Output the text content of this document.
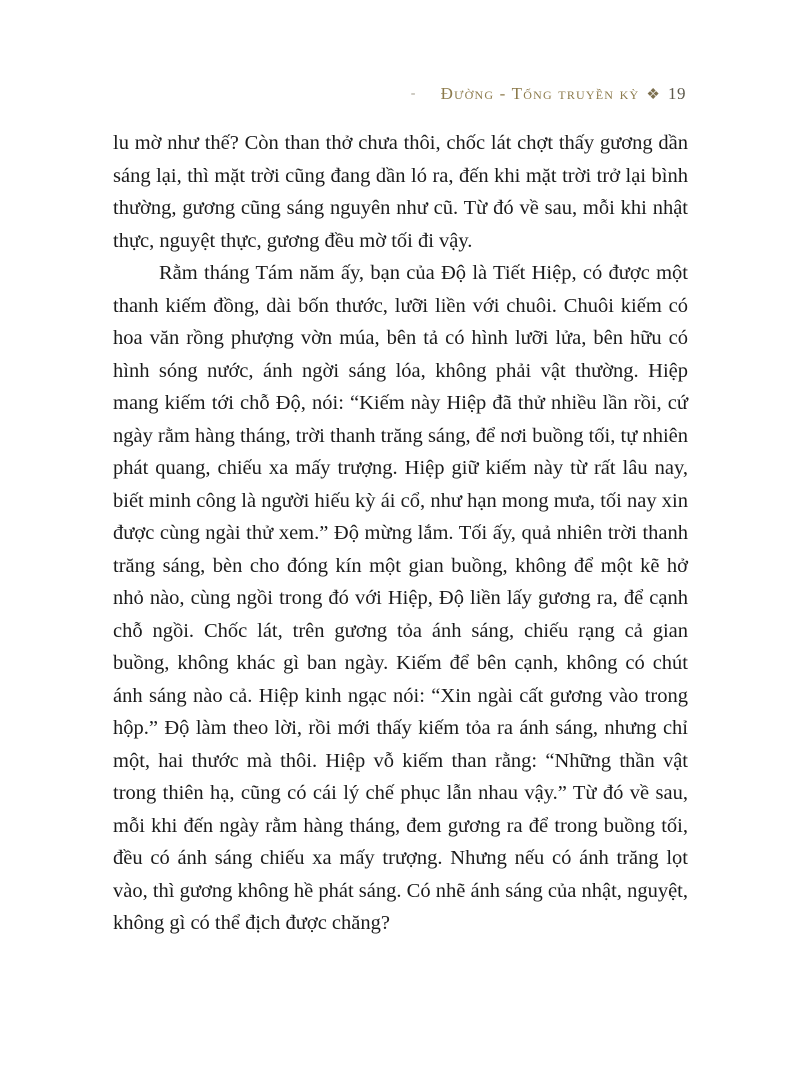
- Đường - Tống truyền kỳ ❖ 19

lu mờ như thế? Còn than thở chưa thôi, chốc lát chợt thấy gương dần sáng lại, thì mặt trời cũng đang dần ló ra, đến khi mặt trời trở lại bình thường, gương cũng sáng nguyên như cũ. Từ đó về sau, mỗi khi nhật thực, nguyệt thực, gương đều mờ tối đi vậy.

Rằm tháng Tám năm ấy, bạn của Độ là Tiết Hiệp, có được một thanh kiếm đồng, dài bốn thước, lưỡi liền với chuôi. Chuôi kiếm có hoa văn rồng phượng vờn múa, bên tả có hình lưỡi lửa, bên hữu có hình sóng nước, ánh ngời sáng lóa, không phải vật thường. Hiệp mang kiếm tới chỗ Độ, nói: “Kiếm này Hiệp đã thử nhiều lần rồi, cứ ngày rằm hàng tháng, trời thanh trăng sáng, để nơi buồng tối, tự nhiên phát quang, chiếu xa mấy trượng. Hiệp giữ kiếm này từ rất lâu nay, biết minh công là người hiếu kỳ ái cổ, như hạn mong mưa, tối nay xin được cùng ngài thử xem.” Độ mừng lắm. Tối ấy, quả nhiên trời thanh trăng sáng, bèn cho đóng kín một gian buồng, không để một kẽ hở nhỏ nào, cùng ngồi trong đó với Hiệp, Độ liền lấy gương ra, để cạnh chỗ ngồi. Chốc lát, trên gương tỏa ánh sáng, chiếu rạng cả gian buồng, không khác gì ban ngày. Kiếm để bên cạnh, không có chút ánh sáng nào cả. Hiệp kinh ngạc nói: “Xin ngài cất gương vào trong hộp.” Độ làm theo lời, rồi mới thấy kiếm tỏa ra ánh sáng, nhưng chỉ một, hai thước mà thôi. Hiệp vỗ kiếm than rằng: “Những thần vật trong thiên hạ, cũng có cái lý chế phục lẫn nhau vậy.” Từ đó về sau, mỗi khi đến ngày rằm hàng tháng, đem gương ra để trong buồng tối, đều có ánh sáng chiếu xa mấy trượng. Nhưng nếu có ánh trăng lọt vào, thì gương không hề phát sáng. Có nhẽ ánh sáng của nhật, nguyệt, không gì có thể địch được chăng?
